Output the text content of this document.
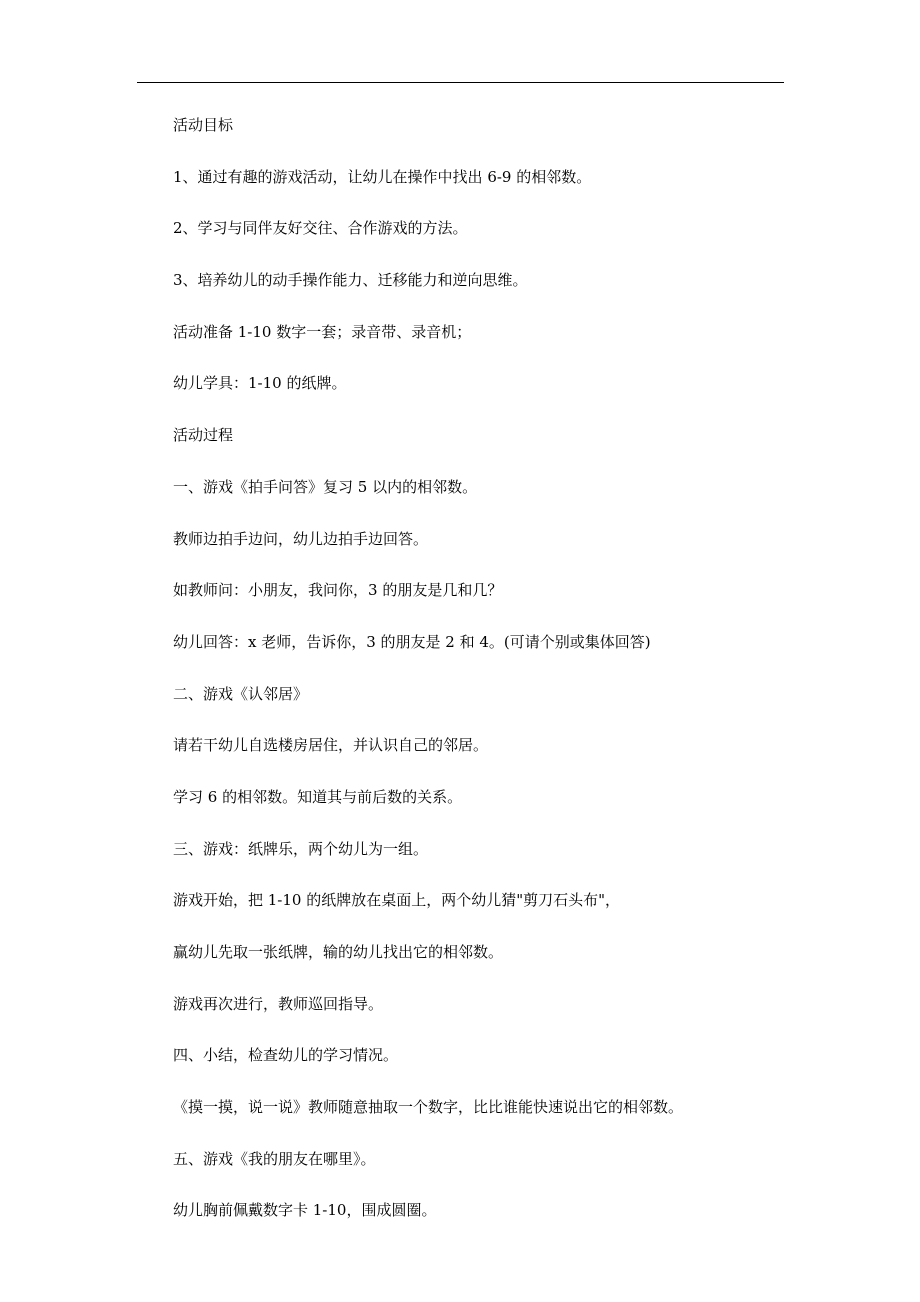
活动目标
1、通过有趣的游戏活动，让幼儿在操作中找出 6-9 的相邻数。
2、学习与同伴友好交往、合作游戏的方法。
3、培养幼儿的动手操作能力、迁移能力和逆向思维。
活动准备 1-10 数字一套；录音带、录音机；
幼儿学具：1-10 的纸牌。
活动过程
一、游戏《拍手问答》复习 5 以内的相邻数。
教师边拍手边问，幼儿边拍手边回答。
如教师问：小朋友，我问你，3 的朋友是几和几？
幼儿回答：x 老师，告诉你，3 的朋友是 2 和 4。(可请个别或集体回答)
二、游戏《认邻居》
请若干幼儿自选楼房居住，并认识自己的邻居。
学习 6 的相邻数。知道其与前后数的关系。
三、游戏：纸牌乐，两个幼儿为一组。
游戏开始，把 1-10 的纸牌放在桌面上，两个幼儿猜"剪刀石头布"，
赢幼儿先取一张纸牌，输的幼儿找出它的相邻数。
游戏再次进行，教师巡回指导。
四、小结，检查幼儿的学习情况。
《摸一摸，说一说》教师随意抽取一个数字，比比谁能快速说出它的相邻数。
五、游戏《我的朋友在哪里》。
幼儿胸前佩戴数字卡 1-10，围成圆圈。
